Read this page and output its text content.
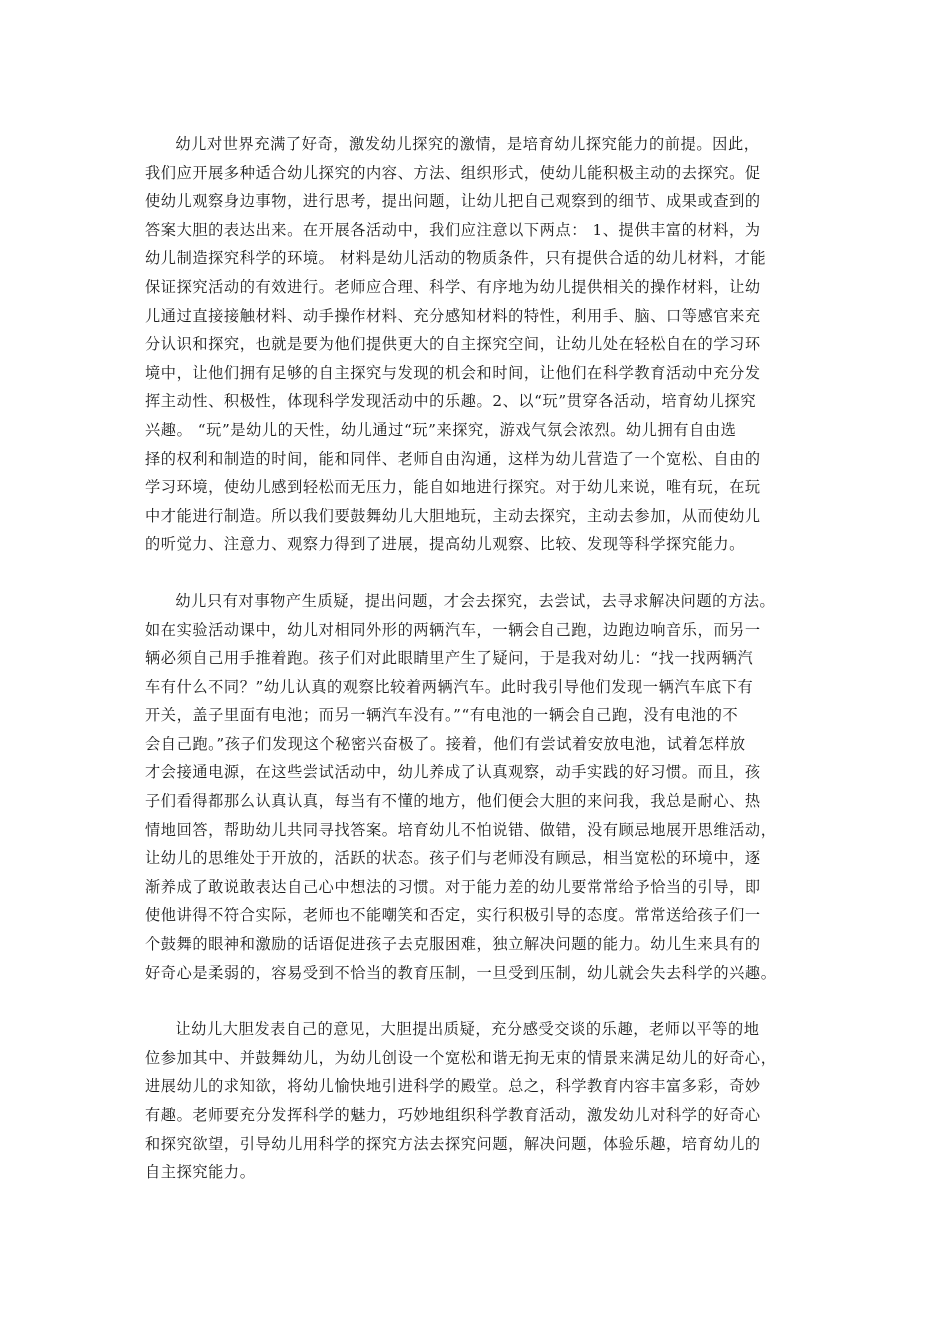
幼儿对世界充满了好奇，激发幼儿探究的激情，是培育幼儿探究能力的前提。因此，
我们应开展多种适合幼儿探究的内容、方法、组织形式，使幼儿能积极主动的去探究。促
使幼儿观察身边事物，进行思考，提出问题，让幼儿把自己观察到的细节、成果或查到的
答案大胆的表达出来。在开展各活动中，我们应注意以下两点： 1、提供丰富的材料，为
幼儿制造探究科学的环境。 材料是幼儿活动的物质条件，只有提供合适的幼儿材料，才能
保证探究活动的有效进行。老师应合理、科学、有序地为幼儿提供相关的操作材料，让幼
儿通过直接接触材料、动手操作材料、充分感知材料的特性，利用手、脑、口等感官来充
分认识和探究，也就是要为他们提供更大的自主探究空间，让幼儿处在轻松自在的学习环
境中，让他们拥有足够的自主探究与发现的机会和时间，让他们在科学教育活动中充分发
挥主动性、积极性，体现科学发现活动中的乐趣。2、以“玩”贯穿各活动，培育幼儿探究
兴趣。 “玩”是幼儿的天性，幼儿通过“玩”来探究，游戏气氛会浓烈。幼儿拥有自由选
择的权利和制造的时间，能和同伴、老师自由沟通，这样为幼儿营造了一个宽松、自由的
学习环境，使幼儿感到轻松而无压力，能自如地进行探究。对于幼儿来说，唯有玩，在玩
中才能进行制造。所以我们要鼓舞幼儿大胆地玩，主动去探究，主动去参加，从而使幼儿
的听觉力、注意力、观察力得到了进展，提高幼儿观察、比较、发现等科学探究能力。

幼儿只有对事物产生质疑，提出问题，才会去探究，去尝试，去寻求解决问题的方法。
如在实验活动课中，幼儿对相同外形的两辆汽车，一辆会自己跑，边跑边响音乐，而另一
辆必须自己用手推着跑。孩子们对此眼睛里产生了疑问，于是我对幼儿：“找一找两辆汽
车有什么不同？”幼儿认真的观察比较着两辆汽车。此时我引导他们发现一辆汽车底下有
开关，盖子里面有电池；而另一辆汽车没有。”“有电池的一辆会自己跑，没有电池的不
会自己跑。”孩子们发现这个秘密兴奋极了。接着，他们有尝试着安放电池，试着怎样放
才会接通电源，在这些尝试活动中，幼儿养成了认真观察，动手实践的好习惯。而且，孩
子们看得都那么认真认真，每当有不懂的地方，他们便会大胆的来问我，我总是耐心、热
情地回答，帮助幼儿共同寻找答案。培育幼儿不怕说错、做错，没有顾忌地展开思维活动，
让幼儿的思维处于开放的，活跃的状态。孩子们与老师没有顾忌，相当宽松的环境中，逐
渐养成了敢说敢表达自己心中想法的习惯。对于能力差的幼儿要常常给予恰当的引导，即
使他讲得不符合实际，老师也不能嘲笑和否定，实行积极引导的态度。常常送给孩子们一
个鼓舞的眼神和激励的话语促进孩子去克服困难，独立解决问题的能力。幼儿生来具有的
好奇心是柔弱的，容易受到不恰当的教育压制，一旦受到压制，幼儿就会失去科学的兴趣。

让幼儿大胆发表自己的意见，大胆提出质疑，充分感受交谈的乐趣，老师以平等的地
位参加其中、并鼓舞幼儿，为幼儿创设一个宽松和谐无拘无束的情景来满足幼儿的好奇心，
进展幼儿的求知欲，将幼儿愉快地引进科学的殿堂。总之，科学教育内容丰富多彩，奇妙
有趣。老师要充分发挥科学的魅力，巧妙地组织科学教育活动，激发幼儿对科学的好奇心
和探究欲望，引导幼儿用科学的探究方法去探究问题，解决问题，体验乐趣，培育幼儿的
自主探究能力。
